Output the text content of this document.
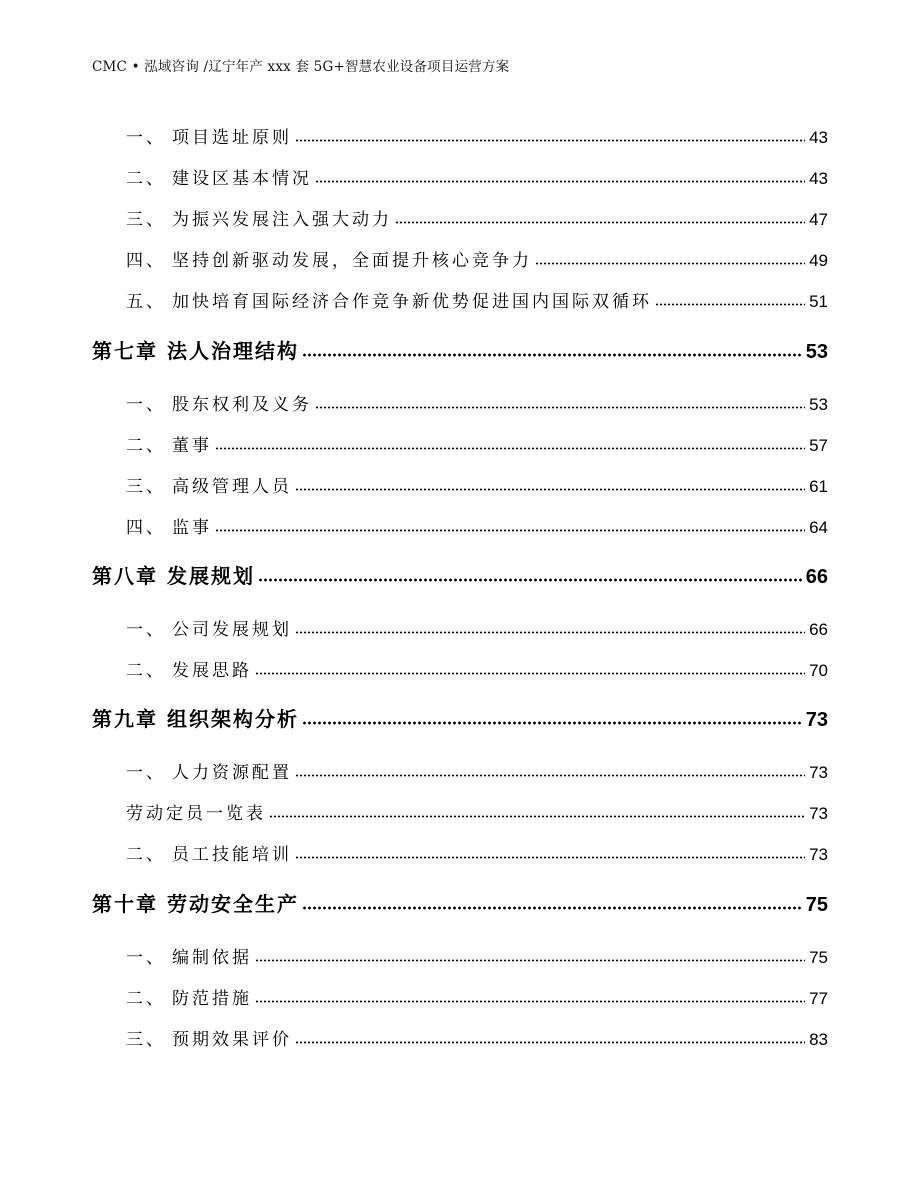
CMC • 泓域咨询 /辽宁年产 xxx 套 5G+智慧农业设备项目运营方案
一、 项目选址原则	43
二、 建设区基本情况	43
三、 为振兴发展注入强大动力	47
四、 坚持创新驱动发展，全面提升核心竞争力	49
五、 加快培育国际经济合作竞争新优势促进国内国际双循环	51
第七章 法人治理结构	53
一、 股东权利及义务	53
二、 董事	57
三、 高级管理人员	61
四、 监事	64
第八章 发展规划	66
一、 公司发展规划	66
二、 发展思路	70
第九章 组织架构分析	73
一、 人力资源配置	73
劳动定员一览表	73
二、 员工技能培训	73
第十章 劳动安全生产	75
一、 编制依据	75
二、 防范措施	77
三、 预期效果评价	83
